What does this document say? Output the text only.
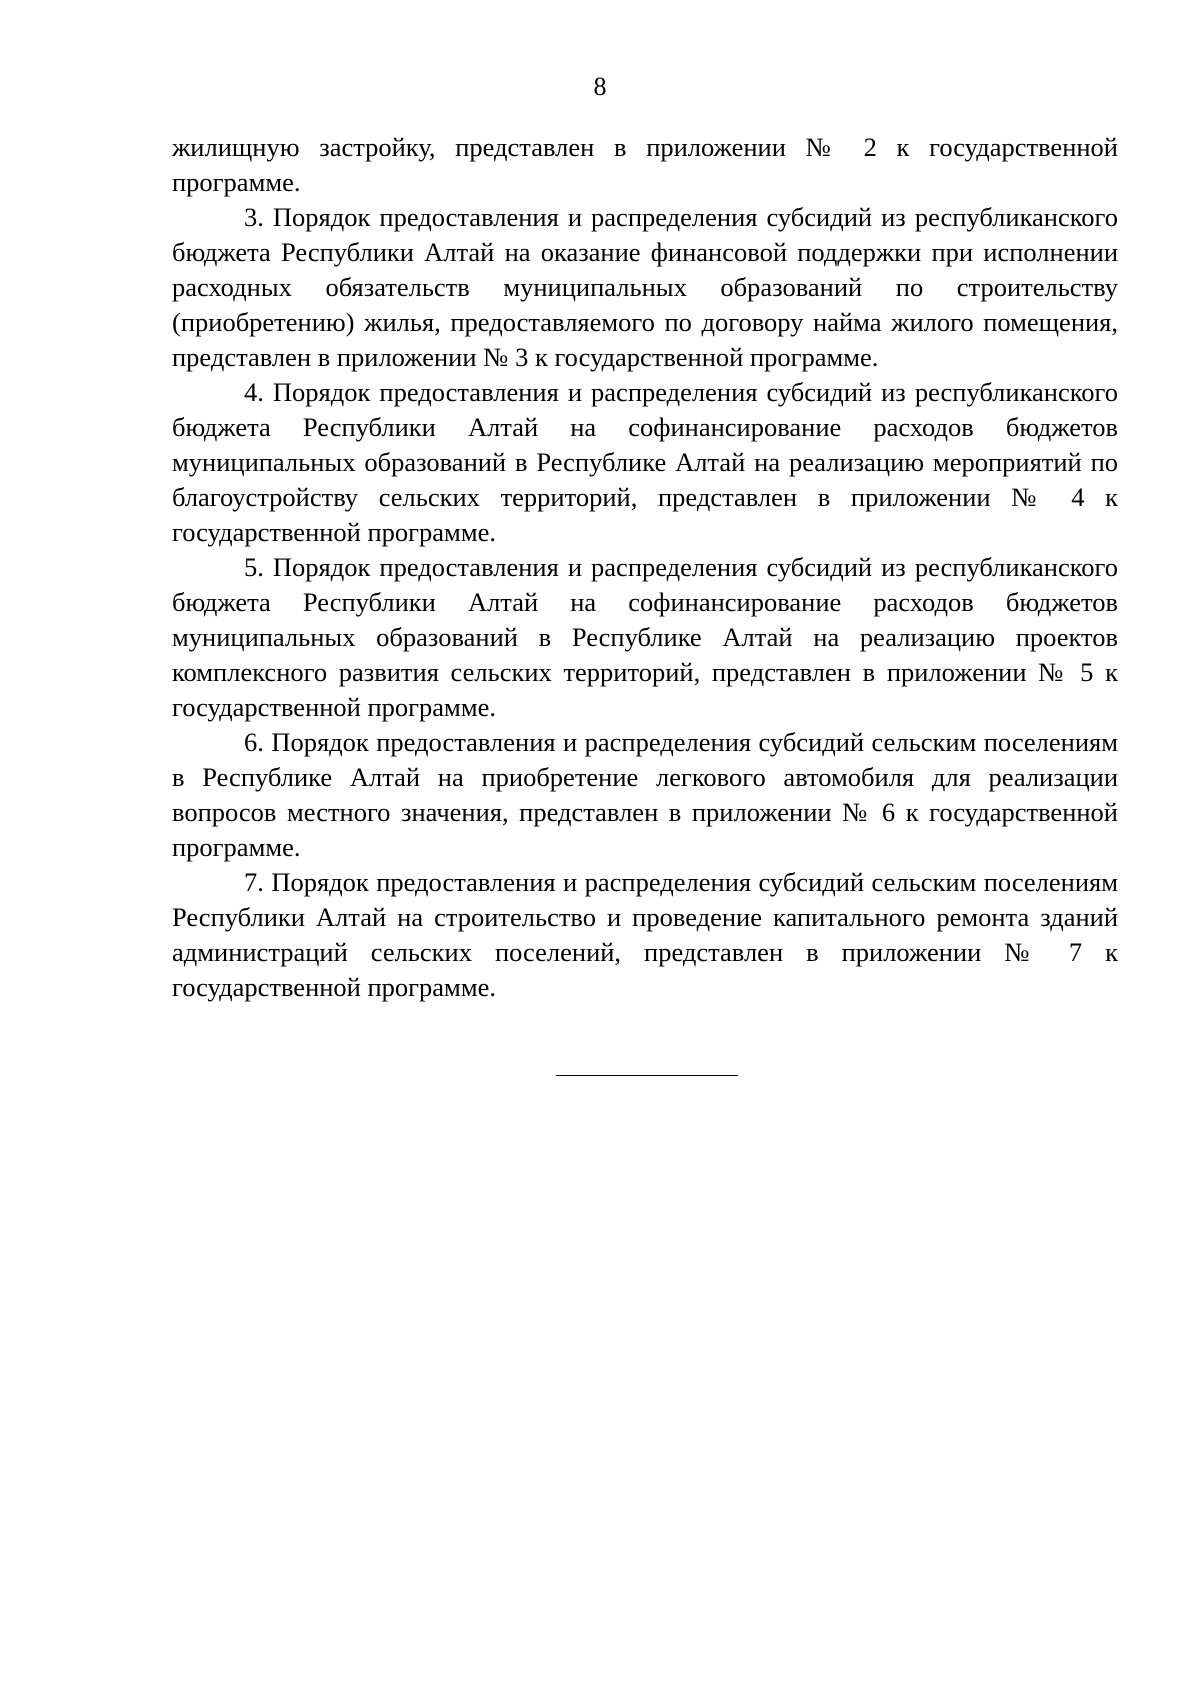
8

жилищную застройку, представлен в приложении № 2 к государственной программе.

3. Порядок предоставления и распределения субсидий из республиканского бюджета Республики Алтай на оказание финансовой поддержки при исполнении расходных обязательств муниципальных образований по строительству (приобретению) жилья, предоставляемого по договору найма жилого помещения, представлен в приложении № 3 к государственной программе.

4. Порядок предоставления и распределения субсидий из республиканского бюджета Республики Алтай на софинансирование расходов бюджетов муниципальных образований в Республике Алтай на реализацию мероприятий по благоустройству сельских территорий, представлен в приложении № 4 к государственной программе.

5. Порядок предоставления и распределения субсидий из республиканского бюджета Республики Алтай на софинансирование расходов бюджетов муниципальных образований в Республике Алтай на реализацию проектов комплексного развития сельских территорий, представлен в приложении № 5 к государственной программе.

6. Порядок предоставления и распределения субсидий сельским поселениям в Республике Алтай на приобретение легкового автомобиля для реализации вопросов местного значения, представлен в приложении № 6 к государственной программе.

7. Порядок предоставления и распределения субсидий сельским поселениям Республики Алтай на строительство и проведение капитального ремонта зданий администраций сельских поселений, представлен в приложении № 7 к государственной программе.
